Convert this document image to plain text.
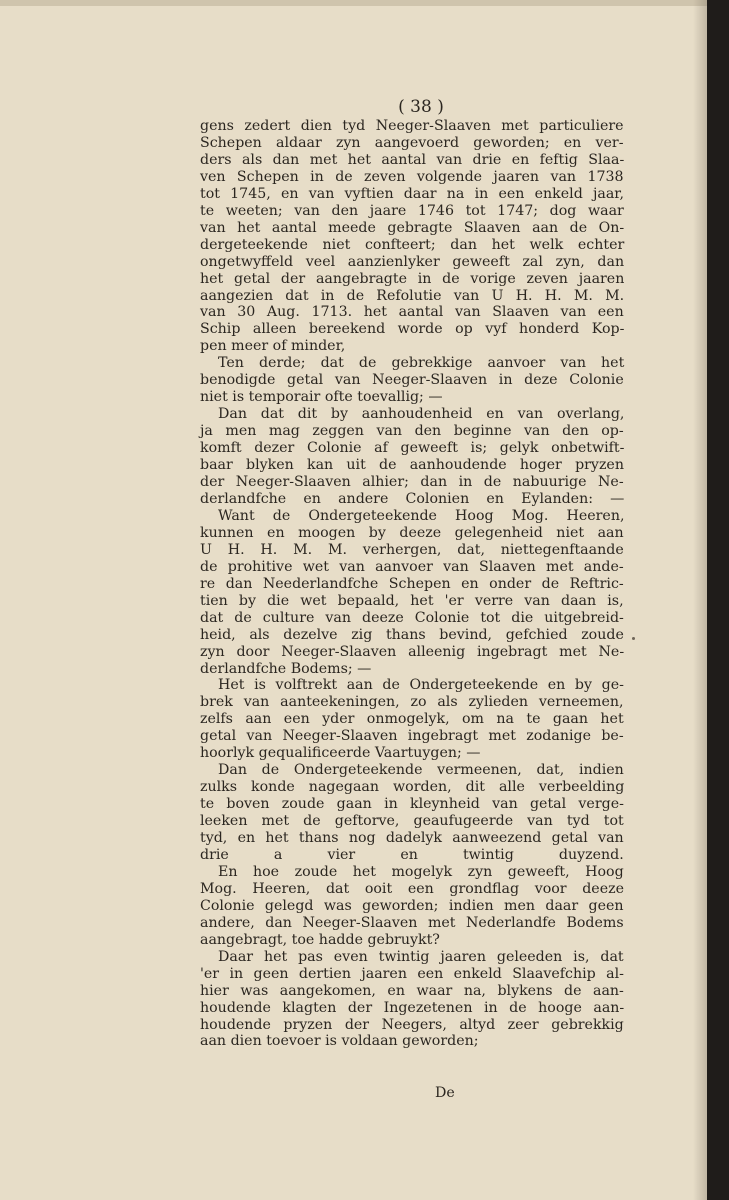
( 38 )
gens zedert dien tyd Neeger-Slaaven met particuliere
Schepen aldaar zyn aangevoerd geworden; en ver-
ders als dan met het aantal van drie en feftig Slaa-
ven Schepen in de zeven volgende jaaren van 1738
tot 1745, en van vyftien daar na in een enkeld jaar,
te weeten; van den jaare 1746 tot 1747; dog waar
van het aantal meede gebragte Slaaven aan de On-
dergeteekende niet confteert; dan het welk echter
ongetwyffeld veel aanzienlyker geweeft zal zyn, dan
het getal der aangebragte in de vorige zeven jaaren
aangezien dat in de Refolutie van U H. H. M. M.
van 30 Aug. 1713. het aantal van Slaaven van een
Schip alleen bereekend worde op vyf honderd Kop-
pen meer of minder,
Ten derde; dat de gebrekkige aanvoer van het
benodigde getal van Neeger-Slaaven in deze Colonie
niet is temporair ofte toevallig; —
Dan dat dit by aanhoudenheid en van overlang,
ja men mag zeggen van den beginne van den op-
komft dezer Colonie af geweeft is; gelyk onbetwift-
baar blyken kan uit de aanhoudende hoger pryzen
der Neeger-Slaaven alhier; dan in de nabuurige Ne-
derlandfche en andere Colonien en Eylanden: —
Want de Ondergeteekende Hoog Mog. Heeren,
kunnen en moogen by deeze gelegenheid niet aan
U H. H. M. M. verhergen, dat, niettegenftaande
de prohitive wet van aanvoer van Slaaven met ande-
re dan Neederlandfche Schepen en onder de Reftric-
tien by die wet bepaald, het 'er verre van daan is,
dat de culture van deeze Colonie tot die uitgebreid-
heid, als dezelve zig thans bevind, gefchied zoude
zyn door Neeger-Slaaven alleenig ingebragt met Ne-
derlandfche Bodems; —
Het is volftrekt aan de Ondergeteekende en by ge-
brek van aanteekeningen, zo als zylieden verneemen,
zelfs aan een yder onmogelyk, om na te gaan het
getal van Neeger-Slaaven ingebragt met zodanige be-
hoorlyk gequalificeerde Vaartuygen; —
Dan de Ondergeteekende vermeenen, dat, indien
zulks konde nagegaan worden, dit alle verbeelding
te boven zoude gaan in kleynheid van getal verge-
leeken met de geftorve, geaufugeerde van tyd tot
tyd, en het thans nog dadelyk aanweezend getal van
drie a vier en twintig duyzend.
En hoe zoude het mogelyk zyn geweeft, Hoog
Mog. Heeren, dat ooit een grondflag voor deeze
Colonie gelegd was geworden; indien men daar geen
andere, dan Neeger-Slaaven met Nederlandfe Bodems
aangebragt, toe hadde gebruykt?
Daar het pas even twintig jaaren geleeden is, dat
'er in geen dertien jaaren een enkeld Slaavefchip al-
hier was aangekomen, en waar na, blykens de aan-
houdende klagten der Ingezetenen in de hooge aan-
houdende pryzen der Neegers, altyd zeer gebrekkig
aan dien toevoer is voldaan geworden;
De
